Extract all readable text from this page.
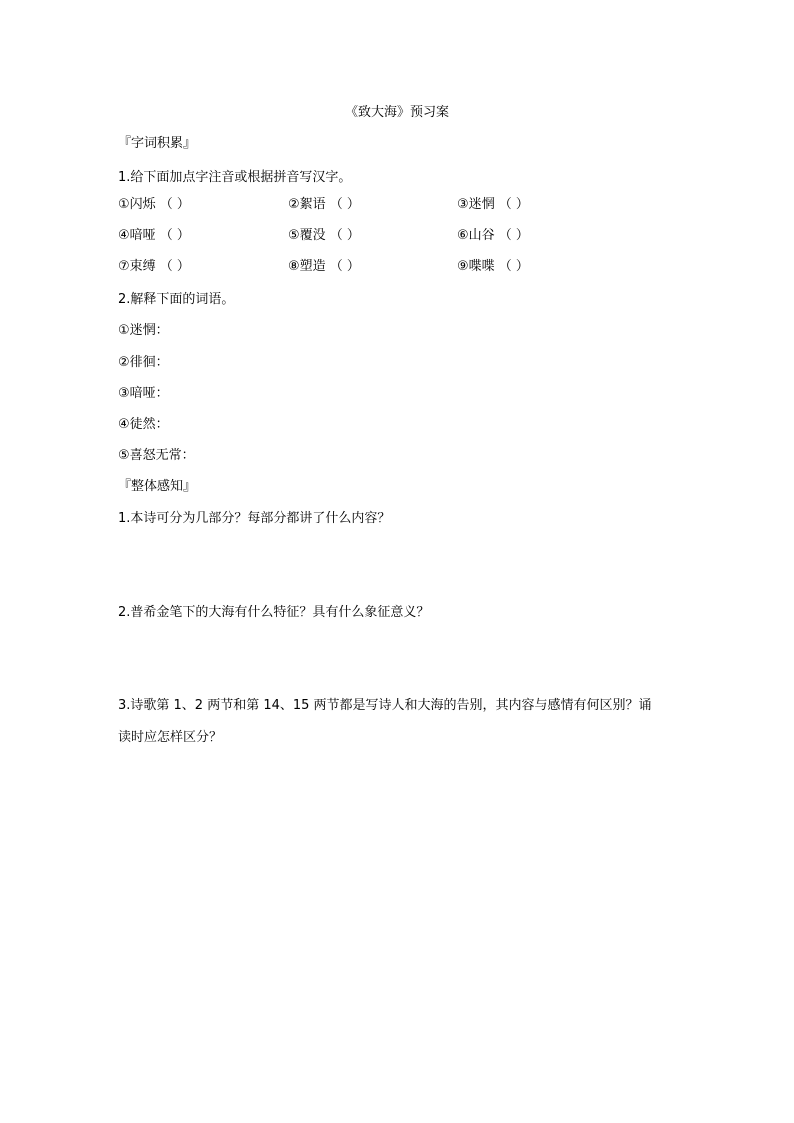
《致大海》预习案
『字词积累』
1.给下面加点字注音或根据拼音写汉字。
①闪烁 （ ）	②絮语 （ ）	③迷惘 （ ）
④喑哑 （ ）	⑤覆没 （ ）	⑥山谷 （ ）
⑦束缚 （ ）	⑧塑造 （ ）	⑨喋喋 （ ）
2.解释下面的词语。
①迷惘：
②徘徊：
③喑哑：
④徒然：
⑤喜怒无常：
『整体感知』
1.本诗可分为几部分？每部分都讲了什么内容？
2.普希金笔下的大海有什么特征？具有什么象征意义？
3.诗歌第 1、2 两节和第 14、15 两节都是写诗人和大海的告别，其内容与感情有何区别？诵
读时应怎样区分？
